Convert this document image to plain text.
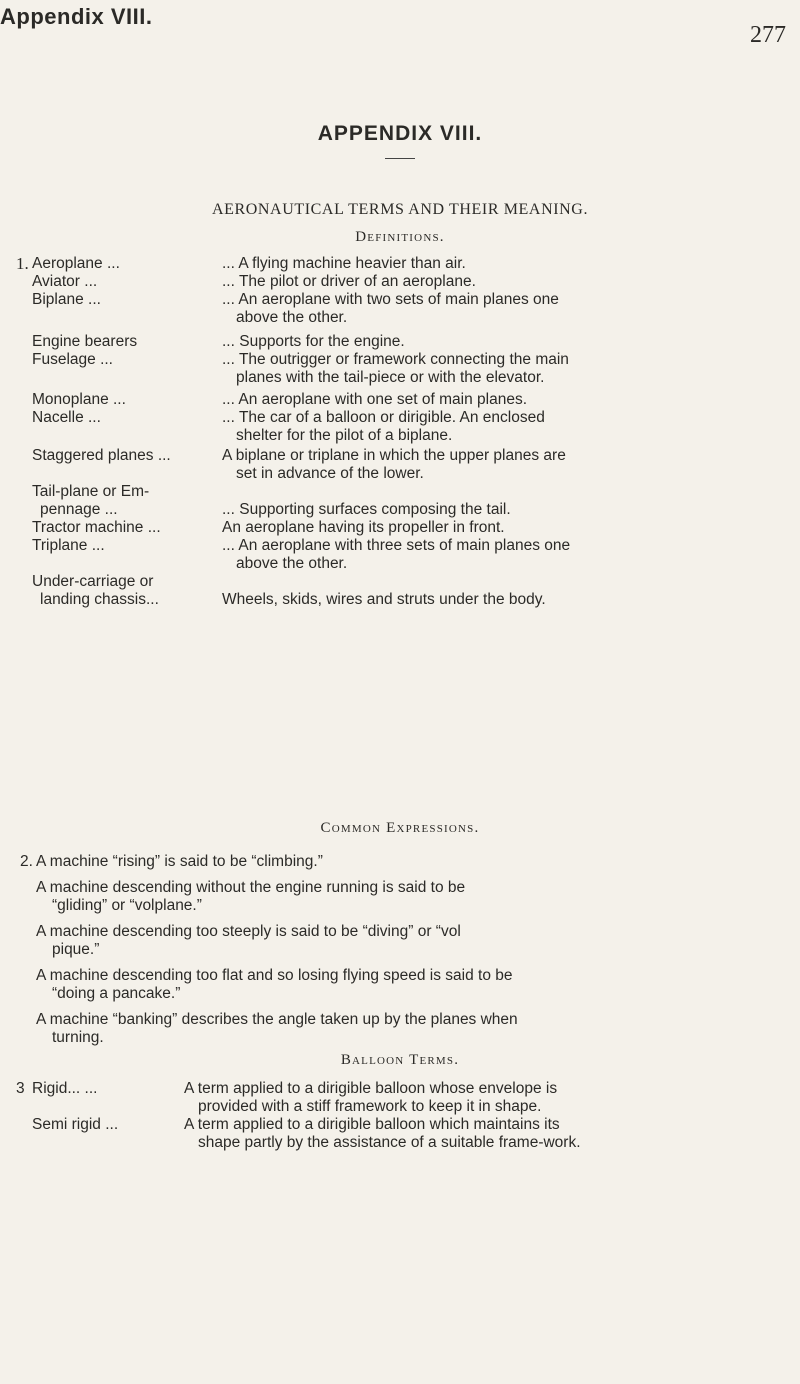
Appendix VIII.
277
APPENDIX VIII.
AERONAUTICAL TERMS AND THEIR MEANING.
Definitions.
1. Aeroplane ...	... A flying machine heavier than air.
Aviator ...	... The pilot or driver of an aeroplane.
Biplane ...	... An aeroplane with two sets of main planes one
above the other.
Engine bearers	... Supports for the engine.
Fuselage ...	... The outrigger or framework connecting the main
planes with the tail-piece or with the elevator.
Monoplane ...	... An aeroplane with one set of main planes.
Nacelle ...	... The car of a balloon or dirigible. An enclosed
shelter for the pilot of a biplane.
Staggered planes ...	A biplane or triplane in which the upper planes are
set in advance of the lower.
Tail-plane or Em-
pennage ...	... Supporting surfaces composing the tail.
Tractor machine ...	An aeroplane having its propeller in front.
Triplane ...	... An aeroplane with three sets of main planes one
above the other.
Under-carriage or
landing chassis...	Wheels, skids, wires and struts under the body.
Common Expressions.
2. A machine “rising” is said to be “climbing.”
A machine descending without the engine running is said to be
“gliding” or “volplane.”
A machine descending too steeply is said to be “diving” or “vol
pique.”
A machine descending too flat and so losing flying speed is said to be
“doing a pancake.”
A machine “banking” describes the angle taken up by the planes when
turning.
Balloon Terms.
3 Rigid... ...	A term applied to a dirigible balloon whose envelope is
provided with a stiff framework to keep it in shape.
Semi rigid ...	A term applied to a dirigible balloon which maintains its
shape partly by the assistance of a suitable frame-work.
